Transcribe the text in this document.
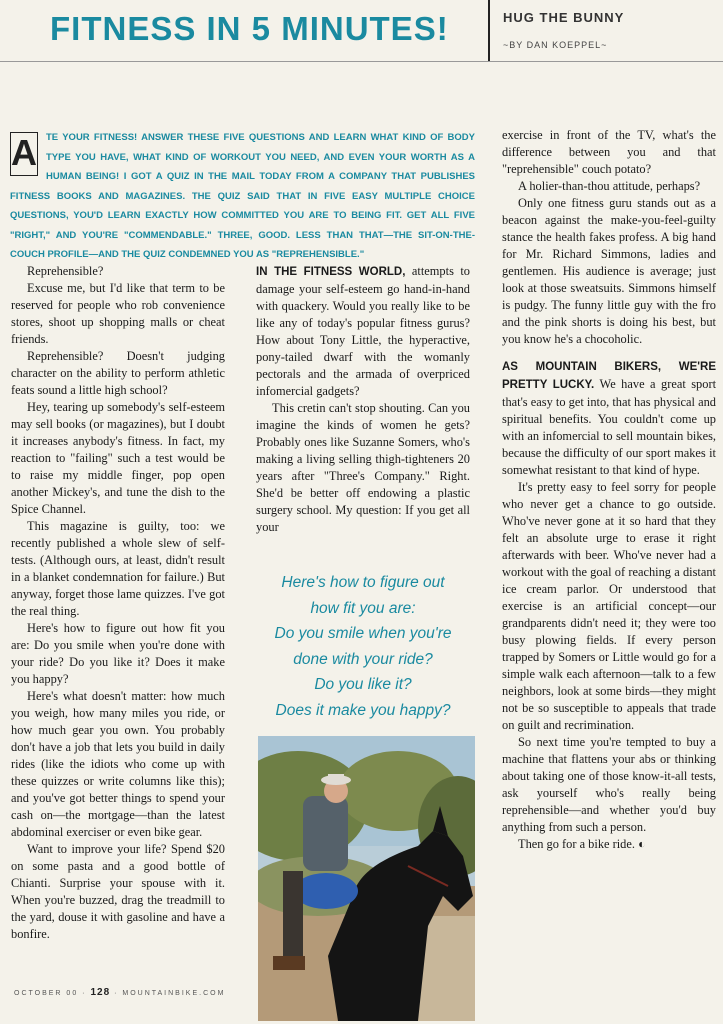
FITNESS IN 5 MINUTES!	HUG THE BUNNY
~BY DAN KOEPPEL~
A TE YOUR FITNESS! ANSWER THESE FIVE QUESTIONS AND LEARN WHAT KIND OF BODY TYPE YOU HAVE, WHAT KIND OF WORKOUT YOU NEED, AND EVEN YOUR WORTH AS A HUMAN BEING! I GOT A QUIZ IN THE MAIL TODAY FROM A COMPANY THAT PUBLISHES FITNESS BOOKS AND MAGAZINES. THE QUIZ SAID THAT IN FIVE EASY MULTIPLE CHOICE QUESTIONS, YOU'D LEARN EXACTLY HOW COMMITTED YOU ARE TO BEING FIT. GET ALL FIVE "RIGHT," AND YOU'RE "COMMENDABLE." THREE, GOOD. LESS THAN THAT—THE SIT-ON-THE-COUCH PROFILE—AND THE QUIZ CONDEMNED YOU AS "REPREHENSIBLE."

Reprehensible?

Excuse me, but I'd like that term to be reserved for people who rob convenience stores, shoot up shopping malls or cheat friends.

Reprehensible? Doesn't judging character on the ability to perform athletic feats sound a little high school?

Hey, tearing up somebody's self-esteem may sell books (or magazines), but I doubt it increases anybody's fitness. In fact, my reaction to "failing" such a test would be to raise my middle finger, pop open another Mickey's, and tune the dish to the Spice Channel.

This magazine is guilty, too: we recently published a whole slew of self-tests. (Although ours, at least, didn't result in a blanket condemnation for failure.) But anyway, forget those lame quizzes. I've got the real thing.

Here's how to figure out how fit you are: Do you smile when you're done with your ride? Do you like it? Does it make you happy?

Here's what doesn't matter: how much you weigh, how many miles you ride, or how much gear you own. You probably don't have a job that lets you build in daily rides (like the idiots who come up with these quizzes or write columns like this); and you've got better things to spend your cash on—the mortgage—than the latest abdominal exerciser or even bike gear.

Want to improve your life? Spend $20 on some pasta and a good bottle of Chianti. Surprise your spouse with it. When you're buzzed, drag the treadmill to the yard, douse it with gasoline and have a bonfire.

IN THE FITNESS WORLD, attempts to damage your self-esteem go hand-in-hand with quackery. Would you really like to be like any of today's popular fitness gurus? How about Tony Little, the hyperactive, pony-tailed dwarf with the womanly pectorals and the armada of overpriced infomercial gadgets?

This cretin can't stop shouting. Can you imagine the kinds of women he gets? Probably ones like Suzanne Somers, who's making a living selling thigh-tighteners 20 years after "Three's Company." Right. She'd be better off endowing a plastic surgery school. My question: If you get all your

Here's how to figure out
how fit you are:
Do you smile when you're
done with your ride?
Do you like it?
Does it make you happy?

exercise in front of the TV, what's the difference between you and that "reprehensible" couch potato?

A holier-than-thou attitude, perhaps?

Only one fitness guru stands out as a beacon against the make-you-feel-guilty stance the health fakes profess. A big hand for Mr. Richard Simmons, ladies and gentlemen. His audience is average; just look at those sweatsuits. Simmons himself is pudgy. The funny little guy with the fro and the pink shorts is doing his best, but you know he's a chocoholic.

AS MOUNTAIN BIKERS, WE'RE PRETTY LUCKY. We have a great sport that's easy to get into, that has physical and spiritual benefits. You couldn't come up with an infomercial to sell mountain bikes, because the difficulty of our sport makes it somewhat resistant to that kind of hype.

It's pretty easy to feel sorry for people who never get a chance to go outside. Who've never gone at it so hard that they felt an absolute urge to erase it right afterwards with beer. Who've never had a workout with the goal of reaching a distant ice cream parlor. Or understood that exercise is an artificial concept—our grandparents didn't need it; they were too busy plowing fields. If every person trapped by Somers or Little would go for a simple walk each afternoon—talk to a few neighbors, look at some birds—they might not be so susceptible to appeals that trade on guilt and recrimination.

So next time you're tempted to buy a machine that flattens your abs or thinking about taking one of those know-it-all tests, ask yourself who's really being reprehensible—and whether you'd buy anything from such a person.

Then go for a bike ride. ◐

OCTOBER 00 · 128 · MOUNTAINBIKE.COM
